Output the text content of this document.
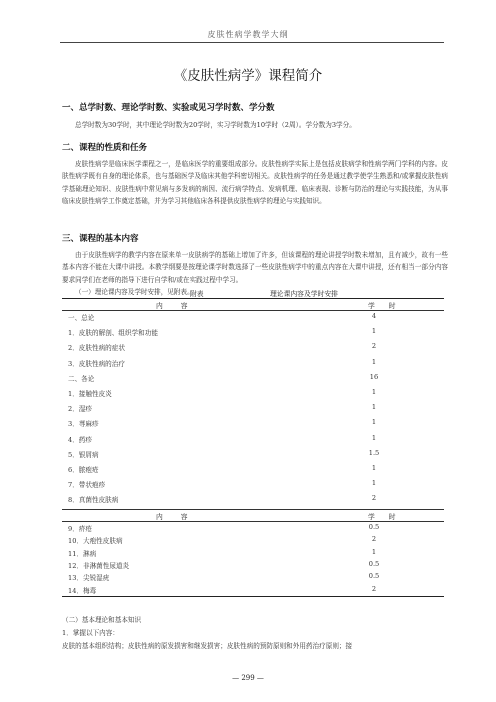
皮肤性病学教学大纲
《皮肤性病学》课程简介
一、总学时数、理论学时数、实验或见习学时数、学分数
总学时数为30学时，其中理论学时数为20学时，实习学时数为10学时（2周）。学分数为3学分。
二、课程的性质和任务
皮肤性病学是临床医学课程之一，是临床医学的重要组成部分。皮肤性病学实际上是包括皮肤病学和性病学两门学科的内容。皮肤性病学既有自身的理论体系，也与基础医学及临床其他学科密切相关。皮肤性病学的任务是通过教学使学生熟悉和/或掌握皮肤性病学基础理论知识、皮肤性病中常见病与多发病的病因、流行病学特点、发病机理、临床表现、诊断与防治的理论与实践技能，为从事临床皮肤性病学工作奠定基础，并为学习其他临床各科提供皮肤性病学的理论与实践知识。
三、课程的基本内容
由于皮肤性病学的教学内容在原来单一皮肤病学的基础上增加了许多，但该课程的理论讲授学时数未增加，且有减少，故有一些基本内容不能在大课中讲授。本教学纲要是按理论课学时数选择了一些皮肤性病学中的重点内容在大课中讲授，还有相当一部分内容要求同学们在老师的指导下进行自学和/或在实践过程中学习。
（一）理论课内容及学时安排，见附表。
附表	理论课内容及学时安排
内容	学时
一、总论	4
1．皮肤的解剖、组织学和功能	1
2．皮肤性病的症状	2
3．皮肤性病的治疗	1
二、各论	16
1．接触性皮炎	1
2．湿疹	1
3．荨麻疹	1
4．药疹	1
5．银屑病	1.5
6．脓疱疮	1
7．带状疱疹	1
8．真菌性皮肤病	2
内容	学时
9．疥疮	0.5
10．大疱性皮肤病	2
11．淋病	1
12．非淋菌性尿道炎	0.5
13．尖锐湿疣	0.5
14．梅毒	2
（二）基本理论和基本知识
1．掌握以下内容：
皮肤的基本组织结构；皮肤性病的原发损害和继发损害；皮肤性病的预防原则和外用药治疗原则；接
— 299 —
